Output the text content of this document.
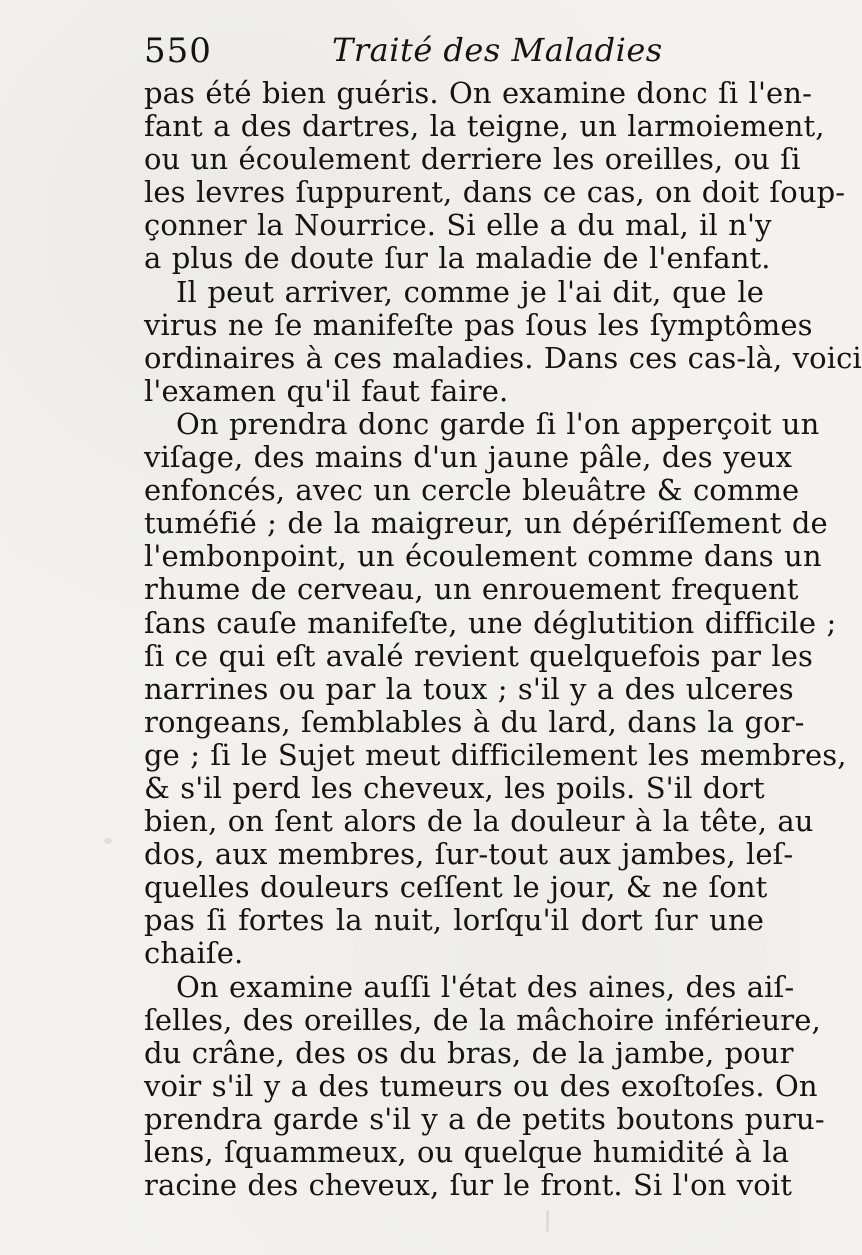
550	Traité des Maladies
pas été bien guéris. On examine donc ſi l'en-
fant a des dartres, la teigne, un larmoiement,
ou un écoulement derriere les oreilles, ou ſi
les levres ſuppurent, dans ce cas, on doit ſoup-
çonner la Nourrice. Si elle a du mal, il n'y
a plus de doute ſur la maladie de l'enfant.
Il peut arriver, comme je l'ai dit, que le
virus ne ſe manifeſte pas ſous les ſymptômes
ordinaires à ces maladies. Dans ces cas-là, voici
l'examen qu'il faut faire.
On prendra donc garde ſi l'on apperçoit un
viſage, des mains d'un jaune pâle, des yeux
enfoncés, avec un cercle bleuâtre & comme
tuméfié ; de la maigreur, un dépériſſement de
l'embonpoint, un écoulement comme dans un
rhume de cerveau, un enrouement frequent
ſans cauſe manifeſte, une déglutition difficile ;
ſi ce qui eſt avalé revient quelquefois par les
narrines ou par la toux ; s'il y a des ulceres
rongeans, ſemblables à du lard, dans la gor-
ge ; ſi le Sujet meut difficilement les membres,
& s'il perd les cheveux, les poils. S'il dort
bien, on ſent alors de la douleur à la tête, au
dos, aux membres, ſur-tout aux jambes, leſ-
quelles douleurs ceſſent le jour, & ne ſont
pas ſi fortes la nuit, lorſqu'il dort ſur une
chaiſe.
On examine auſſi l'état des aines, des aiſ-
ſelles, des oreilles, de la mâchoire inférieure,
du crâne, des os du bras, de la jambe, pour
voir s'il y a des tumeurs ou des exoſtoſes. On
prendra garde s'il y a de petits boutons puru-
lens, ſquammeux, ou quelque humidité à la
racine des cheveux, ſur le front. Si l'on voit
